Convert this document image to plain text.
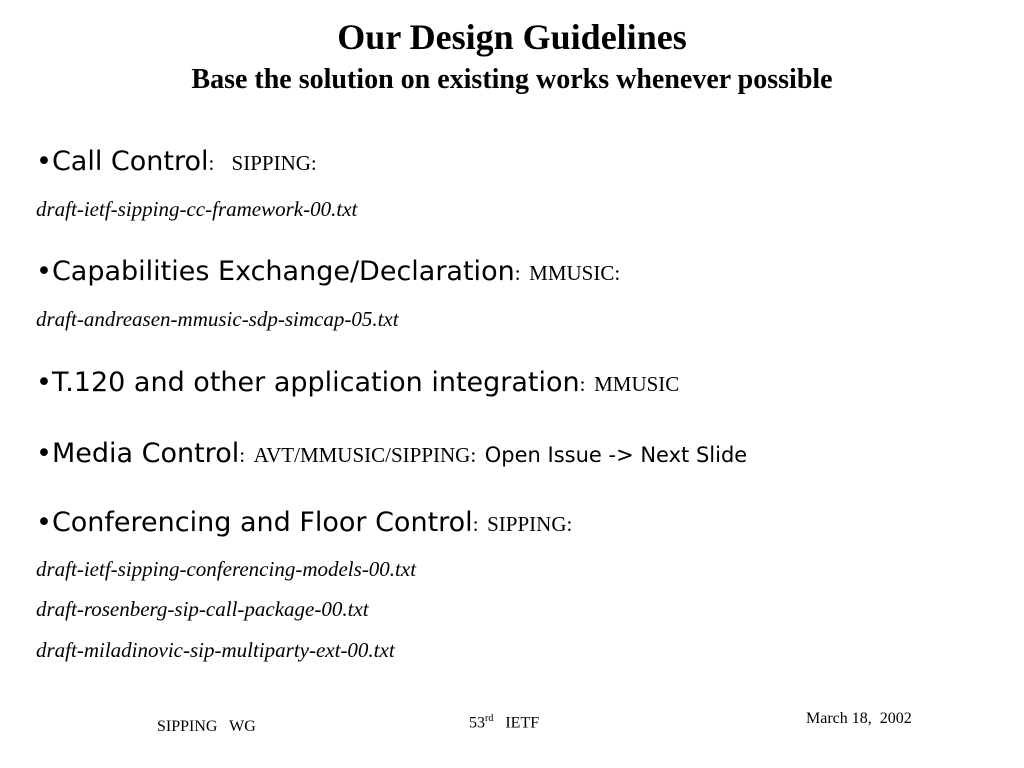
Our Design Guidelines
Base the solution on existing works whenever possible
•Call Control: SIPPING:
draft-ietf-sipping-cc-framework-00.txt
•Capabilities Exchange/Declaration: MMUSIC:
draft-andreasen-mmusic-sdp-simcap-05.txt
•T.120 and other application integration: MMUSIC
•Media Control: AVT/MMUSIC/SIPPING: Open Issue -> Next Slide
•Conferencing and Floor Control: SIPPING:
draft-ietf-sipping-conferencing-models-00.txt
draft-rosenberg-sip-call-package-00.txt
draft-miladinovic-sip-multiparty-ext-00.txt
SIPPING   WG	53rd IETF	March 18,  2002
